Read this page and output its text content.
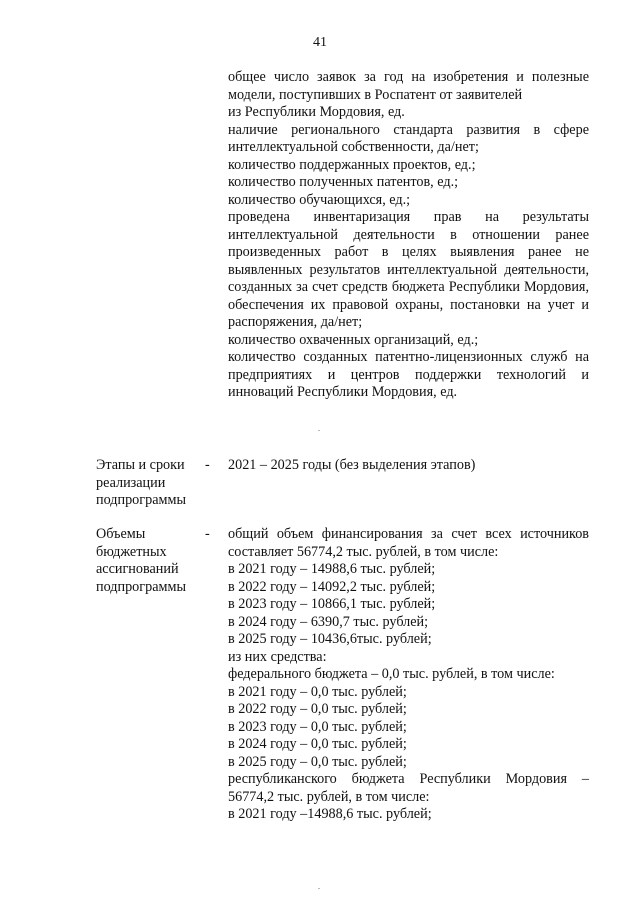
41

общее число заявок за год на изобретения и полезные модели, поступивших в Роспатент от заявителей

из Республики Мордовия, ед.

наличие регионального стандарта развития в сфере интеллектуальной собственности, да/нет;

количество поддержанных проектов, ед.;

количество полученных патентов, ед.;

количество обучающихся, ед.;

проведена инвентаризация прав на результаты интеллектуальной деятельности в отношении ранее произведенных работ в целях выявления ранее не выявленных результатов интеллектуальной деятельности, созданных за счет средств бюджета Республики Мордовия, обеспечения их правовой охраны, постановки на учет и распоряжения, да/нет;

количество охваченных организаций, ед.;

количество созданных патентно-лицензионных служб на предприятиях и центров поддержки технологий и инноваций Республики Мордовия, ед.

Этапы и сроки реализации подпрограммы
- 2021 – 2025 годы (без выделения этапов)

Объемы бюджетных ассигнований подпрограммы
- общий объем финансирования за счет всех источников составляет 56774,2 тыс. рублей, в том числе:

в 2021 году – 14988,6 тыс. рублей;

в 2022 году – 14092,2 тыс. рублей;

в 2023 году – 10866,1 тыс. рублей;

в 2024 году – 6390,7 тыс. рублей;

в 2025 году – 10436,6тыс. рублей;

из них средства:

федерального бюджета – 0,0 тыс. рублей, в том числе:

в 2021 году – 0,0 тыс. рублей;

в 2022 году – 0,0 тыс. рублей;

в 2023 году – 0,0 тыс. рублей;

в 2024 году – 0,0 тыс. рублей;

в 2025 году – 0,0 тыс. рублей;

республиканского бюджета Республики Мордовия – 56774,2 тыс. рублей, в том числе:

в 2021 году –14988,6 тыс. рублей;
